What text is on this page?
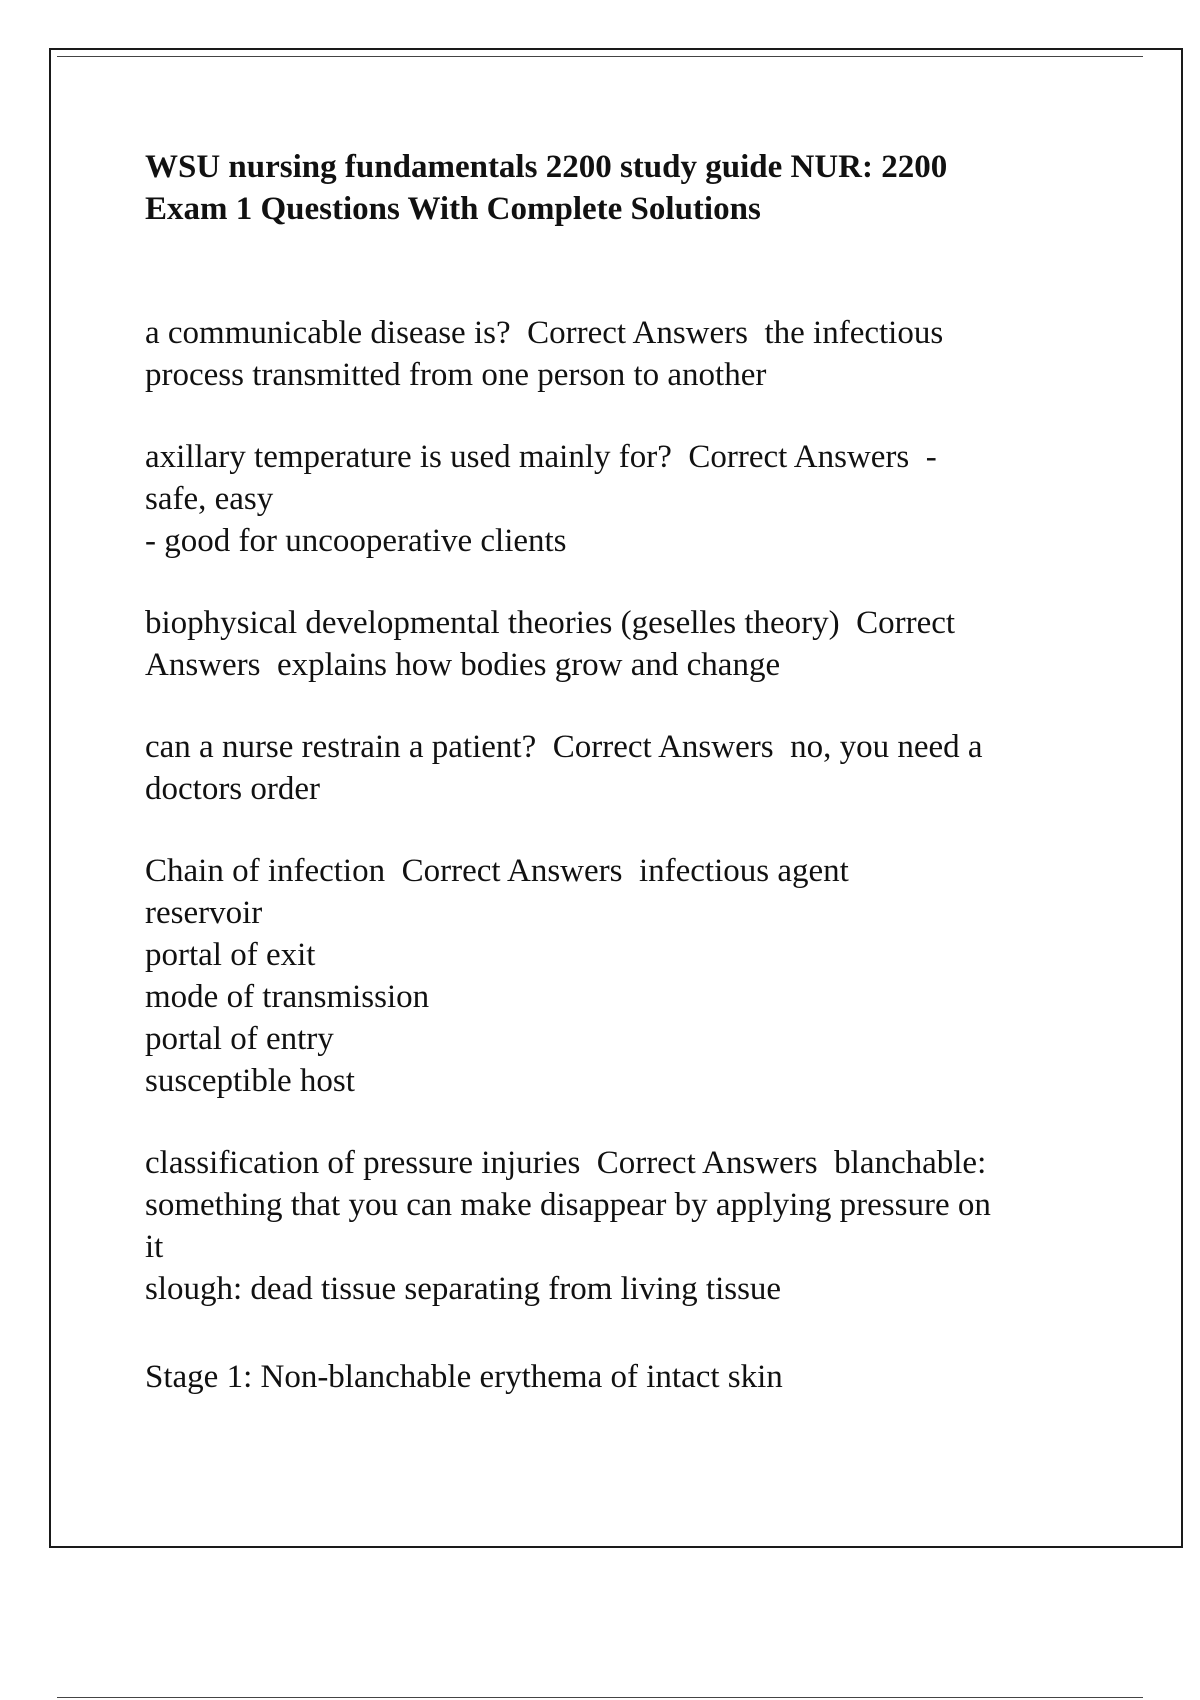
WSU nursing fundamentals 2200 study guide NUR: 2200
Exam 1 Questions With Complete Solutions
a communicable disease is?  Correct Answers  the infectious
process transmitted from one person to another
axillary temperature is used mainly for?  Correct Answers  -
safe, easy
- good for uncooperative clients
biophysical developmental theories (geselles theory)  Correct
Answers  explains how bodies grow and change
can a nurse restrain a patient?  Correct Answers  no, you need a
doctors order
Chain of infection  Correct Answers  infectious agent
reservoir
portal of exit
mode of transmission
portal of entry
susceptible host
classification of pressure injuries  Correct Answers  blanchable:
something that you can make disappear by applying pressure on
it
slough: dead tissue separating from living tissue
Stage 1: Non-blanchable erythema of intact skin
